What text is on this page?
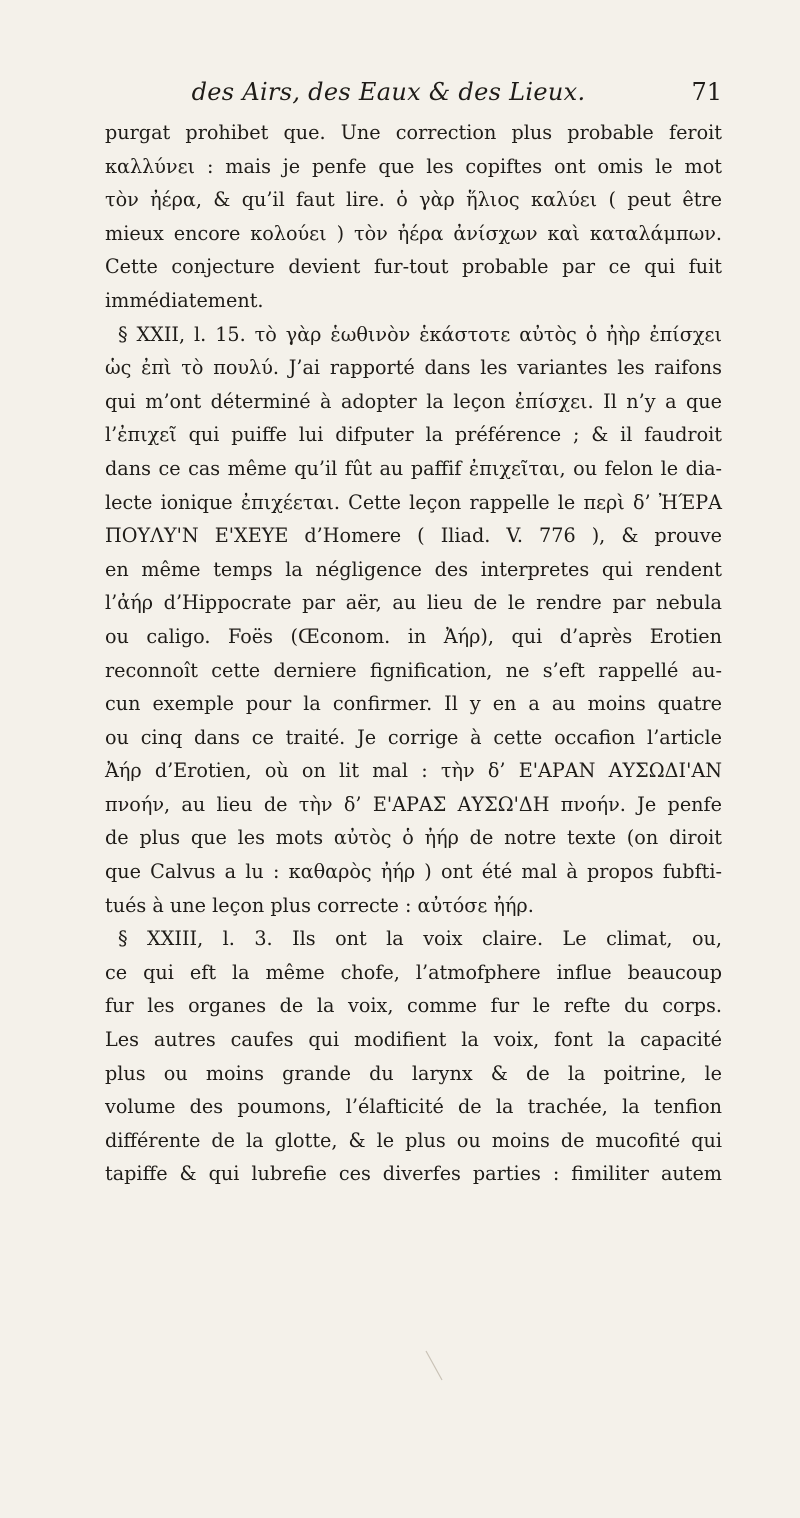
des Airs, des Eaux & des Lieux.	71
purgat prohibet que. Une correction plus probable feroit
καλλύνει : mais je penfe que les copiftes ont omis le mot
τὸν ἠέρα, & qu’il faut lire. ὁ γὰρ ἥλιος καλύει ( peut être
mieux encore κολούει ) τὸν ἠέρα ἀνίσχων καὶ καταλάμπων.
Cette conjecture devient fur-tout probable par ce qui fuit
immédiatement.
§ XXII, l. 15. τὸ γὰρ ἑωθινὸν ἑκάστοτε αὐτὸς ὁ ἠὴρ ἐπίσχει
ὡς ἐπὶ τὸ πουλύ. J’ai rapporté dans les variantes les raifons
qui m’ont déterminé à adopter la leçon ἐπίσχει. Il n’y a que
l’ἐπιχεῖ qui puiffe lui difputer la préférence ; & il faudroit
dans ce cas même qu’il fût au paffif ἐπιχεῖται, ou felon le dia-
lecte ionique ἐπιχέεται. Cette leçon rappelle le περὶ δ’ ἨΈΡΑ
ΠΟΥΛΥ'Ν Ε'ΧΕΥΕ d’Homere ( Iliad. V. 776 ), & prouve
en même temps la négligence des interpretes qui rendent
l’ἀήρ d’Hippocrate par aër, au lieu de le rendre par nebula
ou caligo. Foës (Œconom. in Ἀήρ), qui d’après Erotien
reconnoît cette derniere fignification, ne s’eft rappellé au-
cun exemple pour la confirmer. Il y en a au moins quatre
ou cinq dans ce traité. Je corrige à cette occafion l’article
Ἀήρ d’Erotien, où on lit mal : τὴν δ’ Ε'ΑΡΑΝ ΑΥΣΩΔΙ'ΑΝ
πνοήν, au lieu de τὴν δ’ Ε'ΑΡΑΣ ΑΥΣΩ'ΔΗ πνοήν. Je penfe
de plus que les mots αὐτὸς ὁ ἠήρ de notre texte (on diroit
que Calvus a lu : καθαρὸς ἠήρ ) ont été mal à propos fubfti-
tués à une leçon plus correcte : αὐτόσε ἠήρ.
§ XXIII, l. 3. Ils ont la voix claire. Le climat, ou,
ce qui eft la même chofe, l’atmofphere influe beaucoup
fur les organes de la voix, comme fur le refte du corps.
Les autres caufes qui modifient la voix, font la capacité
plus ou moins grande du larynx & de la poitrine, le
volume des poumons, l’élafticité de la trachée, la tenfion
différente de la glotte, & le plus ou moins de mucofité qui
tapiffe & qui lubrefie ces diverfes parties : fimiliter autem
